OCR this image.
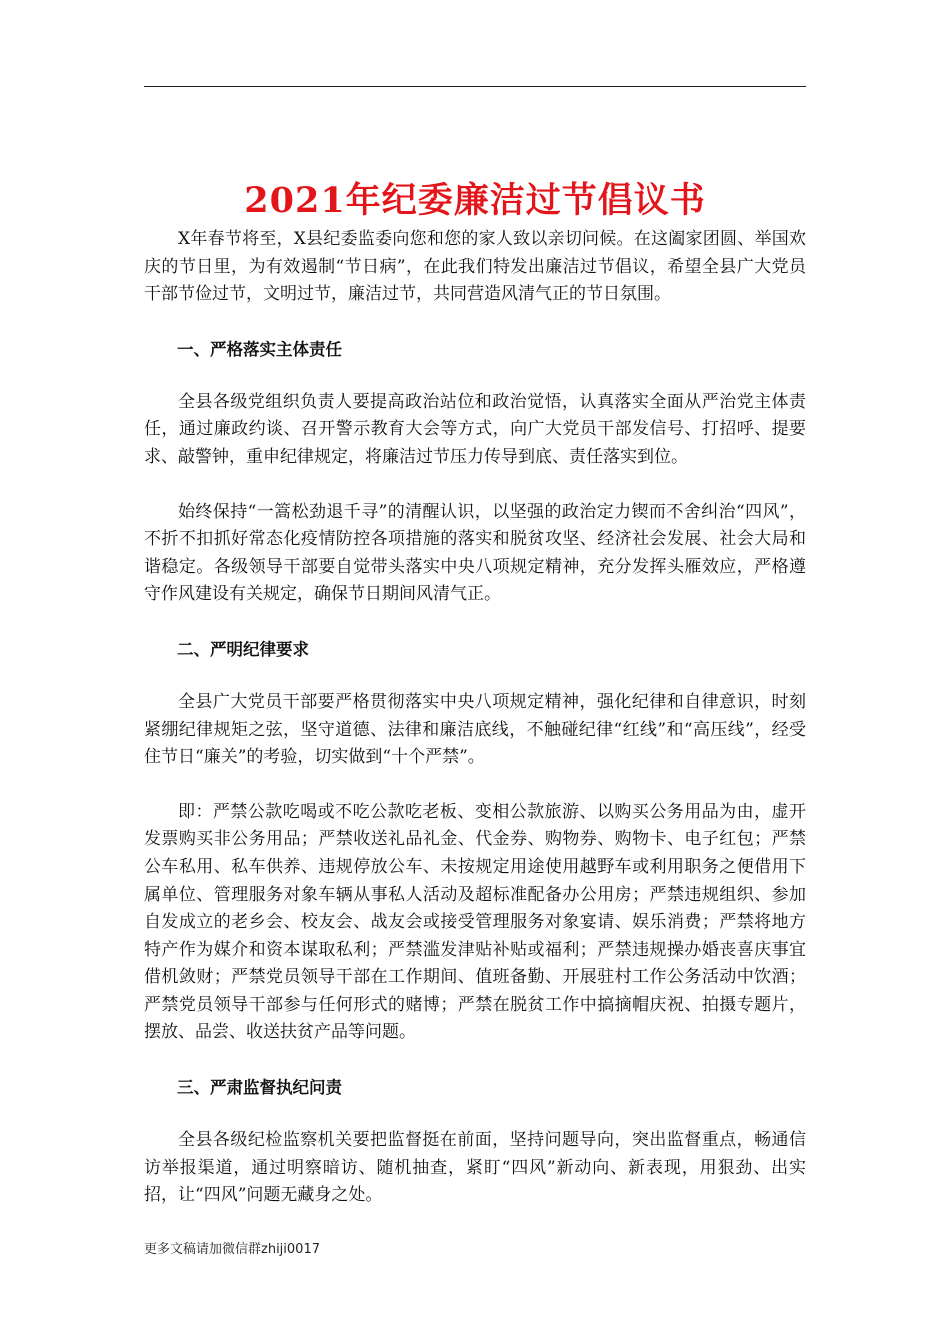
2021年纪委廉洁过节倡议书

X年春节将至，X县纪委监委向您和您的家人致以亲切问候。在这阖家团圆、举国欢庆的节日里，为有效遏制“节日病”，在此我们特发出廉洁过节倡议，希望全县广大党员干部节俭过节，文明过节，廉洁过节，共同营造风清气正的节日氛围。

一、严格落实主体责任

全县各级党组织负责人要提高政治站位和政治觉悟，认真落实全面从严治党主体责任，通过廉政约谈、召开警示教育大会等方式，向广大党员干部发信号、打招呼、提要求、敲警钟，重申纪律规定，将廉洁过节压力传导到底、责任落实到位。

始终保持“一篙松劲退千寻”的清醒认识，以坚强的政治定力锲而不舍纠治“四风”，不折不扣抓好常态化疫情防控各项措施的落实和脱贫攻坚、经济社会发展、社会大局和谐稳定。各级领导干部要自觉带头落实中央八项规定精神，充分发挥头雁效应，严格遵守作风建设有关规定，确保节日期间风清气正。

二、严明纪律要求

全县广大党员干部要严格贯彻落实中央八项规定精神，强化纪律和自律意识，时刻紧绷纪律规矩之弦，坚守道德、法律和廉洁底线，不触碰纪律“红线”和“高压线”，经受住节日“廉关”的考验，切实做到“十个严禁”。

即：严禁公款吃喝或不吃公款吃老板、变相公款旅游、以购买公务用品为由，虚开发票购买非公务用品；严禁收送礼品礼金、代金券、购物券、购物卡、电子红包；严禁公车私用、私车供养、违规停放公车、未按规定用途使用越野车或利用职务之便借用下属单位、管理服务对象车辆从事私人活动及超标准配备办公用房；严禁违规组织、参加自发成立的老乡会、校友会、战友会或接受管理服务对象宴请、娱乐消费；严禁将地方特产作为媒介和资本谋取私利；严禁滥发津贴补贴或福利；严禁违规操办婚丧喜庆事宜借机敛财；严禁党员领导干部在工作期间、值班备勤、开展驻村工作公务活动中饮酒；严禁党员领导干部参与任何形式的赌博；严禁在脱贫工作中搞摘帽庆祝、拍摄专题片，摆放、品尝、收送扶贫产品等问题。

三、严肃监督执纪问责

全县各级纪检监察机关要把监督挺在前面，坚持问题导向，突出监督重点，畅通信访举报渠道，通过明察暗访、随机抽查，紧盯“四风”新动向、新表现，用狠劲、出实招，让“四风”问题无藏身之处。

更多文稿请加微信群zhiji0017
